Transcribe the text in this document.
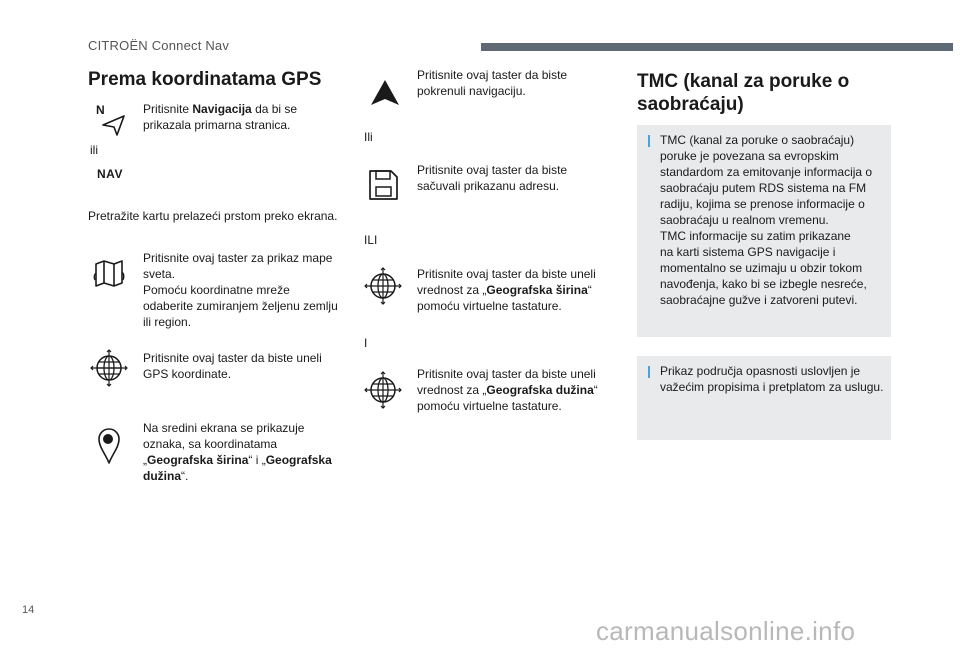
CITROËN Connect Nav
Prema koordinatama GPS
N	Pritisnite Navigacija da bi se prikazala primarna stranica.
ili
NAV
Pretražite kartu prelazeći prstom preko ekrana.
Pritisnite ovaj taster za prikaz mape sveta.
Pomoću koordinatne mreže odaberite zumiranjem željenu zemlju ili region.
Pritisnite ovaj taster da biste uneli GPS koordinate.
Na sredini ekrana se prikazuje oznaka, sa koordinatama „Geografska širina“ i „Geografska dužina“.
Pritisnite ovaj taster da biste pokrenuli navigaciju.
Ili
Pritisnite ovaj taster da biste sačuvali prikazanu adresu.
ILI
Pritisnite ovaj taster da biste uneli vrednost za „Geografska širina“ pomoću virtuelne tastature.
I
Pritisnite ovaj taster da biste uneli vrednost za „Geografska dužina“ pomoću virtuelne tastature.
TMC (kanal za poruke o
saobraćaju)
TMC (kanal za poruke o saobraćaju)
poruke je povezana sa evropskim
standardom za emitovanje informacija o
saobraćaju putem RDS sistema na FM
radiju, kojima se prenose informacije o
saobraćaju u realnom vremenu.
TMC informacije su zatim prikazane
na karti sistema GPS navigacije i
momentalno se uzimaju u obzir tokom
navođenja, kako bi se izbegle nesreće,
saobraćajne gužve i zatvoreni putevi.
Prikaz područja opasnosti uslovljen je
važećim propisima i pretplatom za uslugu.
14
carmanualsonline.info
